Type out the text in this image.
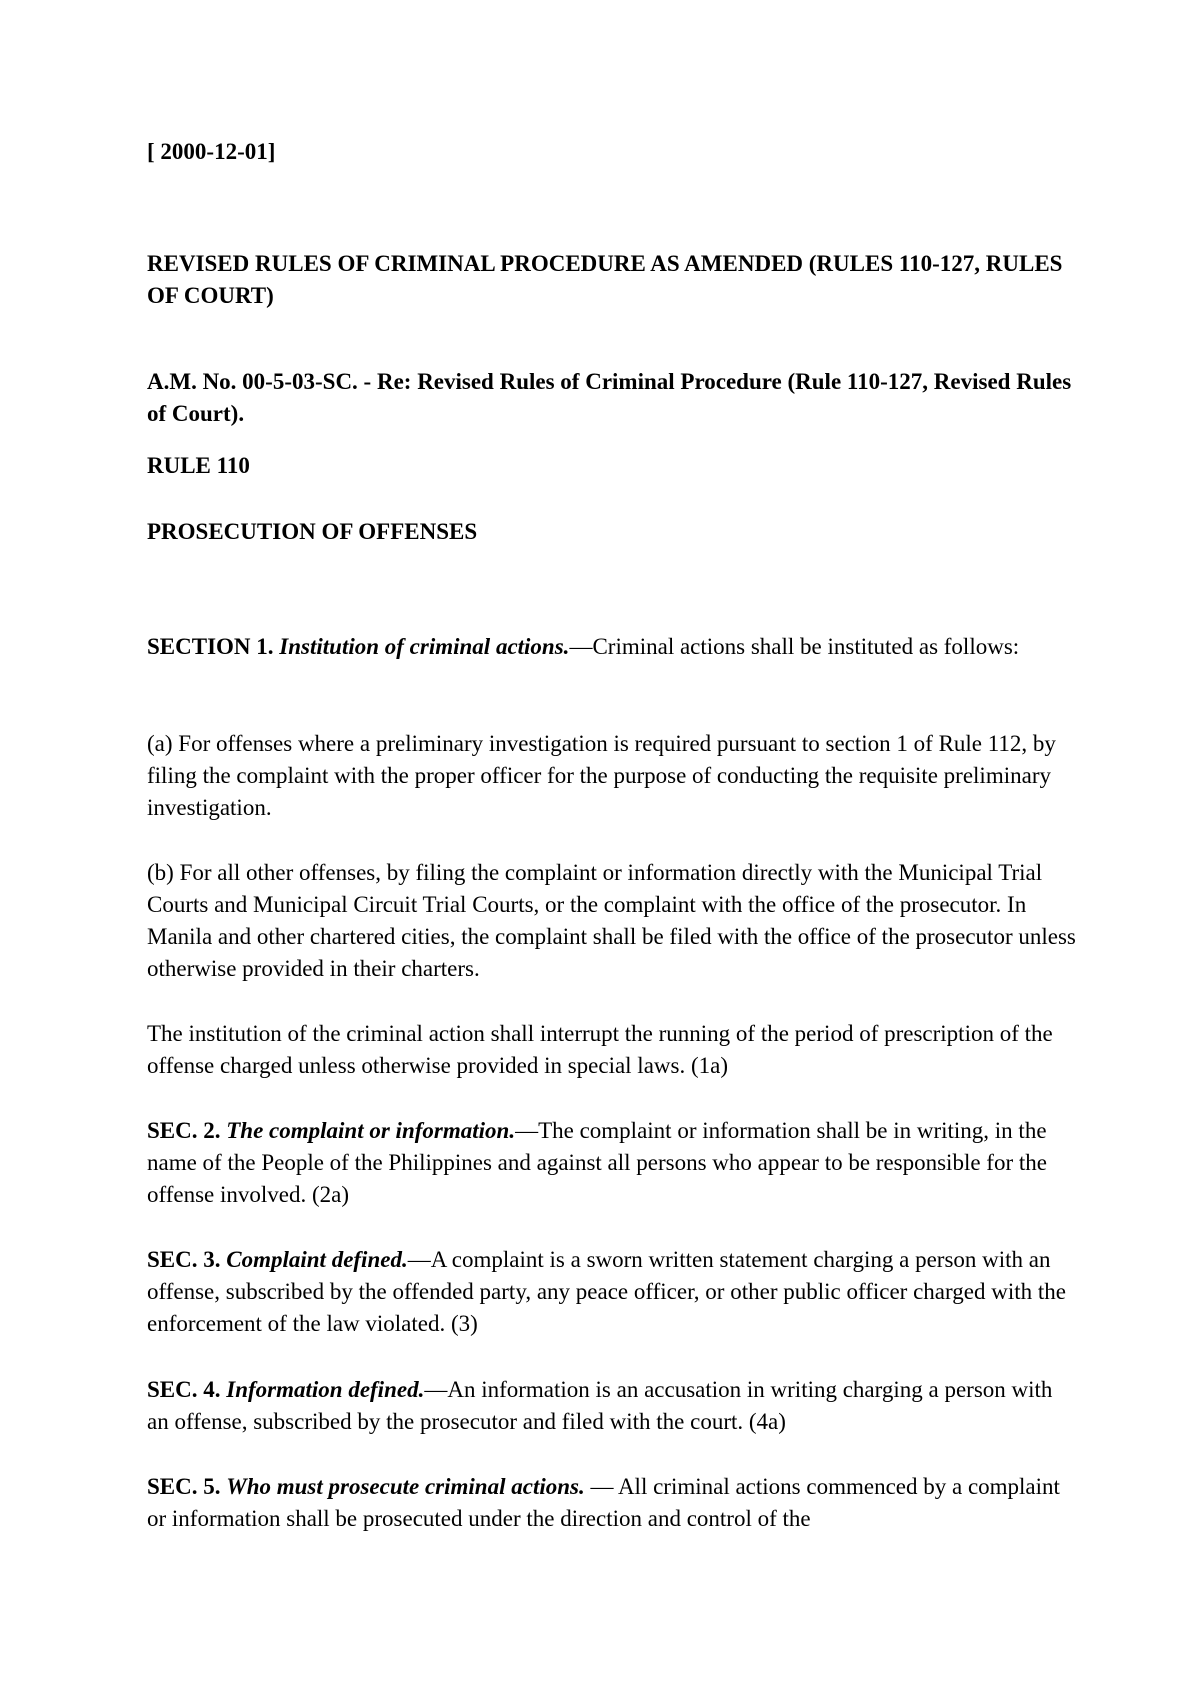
[ 2000-12-01]

REVISED RULES OF CRIMINAL PROCEDURE AS AMENDED (RULES 110-127, RULES OF COURT)

A.M. No. 00-5-03-SC. - Re: Revised Rules of Criminal Procedure (Rule 110-127, Revised Rules of Court).

RULE 110

PROSECUTION OF OFFENSES

SECTION 1. Institution of criminal actions.—Criminal actions shall be instituted as follows:

(a) For offenses where a preliminary investigation is required pursuant to section 1 of Rule 112, by filing the complaint with the proper officer for the purpose of conducting the requisite preliminary investigation.

(b) For all other offenses, by filing the complaint or information directly with the Municipal Trial Courts and Municipal Circuit Trial Courts, or the complaint with the office of the prosecutor. In Manila and other chartered cities, the complaint shall be filed with the office of the prosecutor unless otherwise provided in their charters.

The institution of the criminal action shall interrupt the running of the period of prescription of the offense charged unless otherwise provided in special laws. (1a)

SEC. 2. The complaint or information.—The complaint or information shall be in writing, in the name of the People of the Philippines and against all persons who appear to be responsible for the offense involved. (2a)

SEC. 3. Complaint defined.—A complaint is a sworn written statement charging a person with an offense, subscribed by the offended party, any peace officer, or other public officer charged with the enforcement of the law violated. (3)

SEC. 4. Information defined.—An information is an accusation in writing charging a person with an offense, subscribed by the prosecutor and filed with the court. (4a)

SEC. 5. Who must prosecute criminal actions. — All criminal actions commenced by a complaint or information shall be prosecuted under the direction and control of the
